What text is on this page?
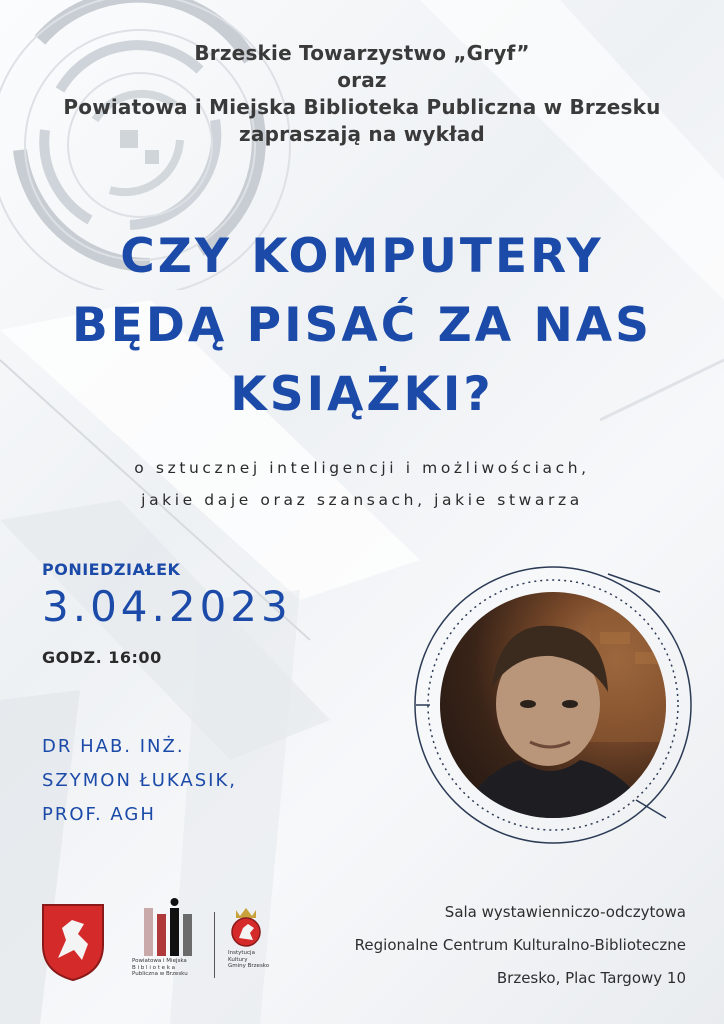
Brzeskie Towarzystwo „Gryf”
oraz
Powiatowa i Miejska Biblioteka Publiczna w Brzesku
zapraszają na wykład
CZY KOMPUTERY
BĘDĄ PISAĆ ZA NAS
KSIĄŻKI?
o sztucznej inteligencji i możliwościach,
jakie daje oraz szansach, jakie stwarza
PONIEDZIAŁEK
3.04.2023
GODZ. 16:00
DR HAB. INŻ.
SZYMON ŁUKASIK,
PROF. AGH
Powiatowa i Miejska
B i b l i o t e k a
Publiczna w Brzesku
Instytucja
Kultury
Gminy Brzesko
Sala wystawienniczo-odczytowa
Regionalne Centrum Kulturalno-Biblioteczne
Brzesko, Plac Targowy 10
